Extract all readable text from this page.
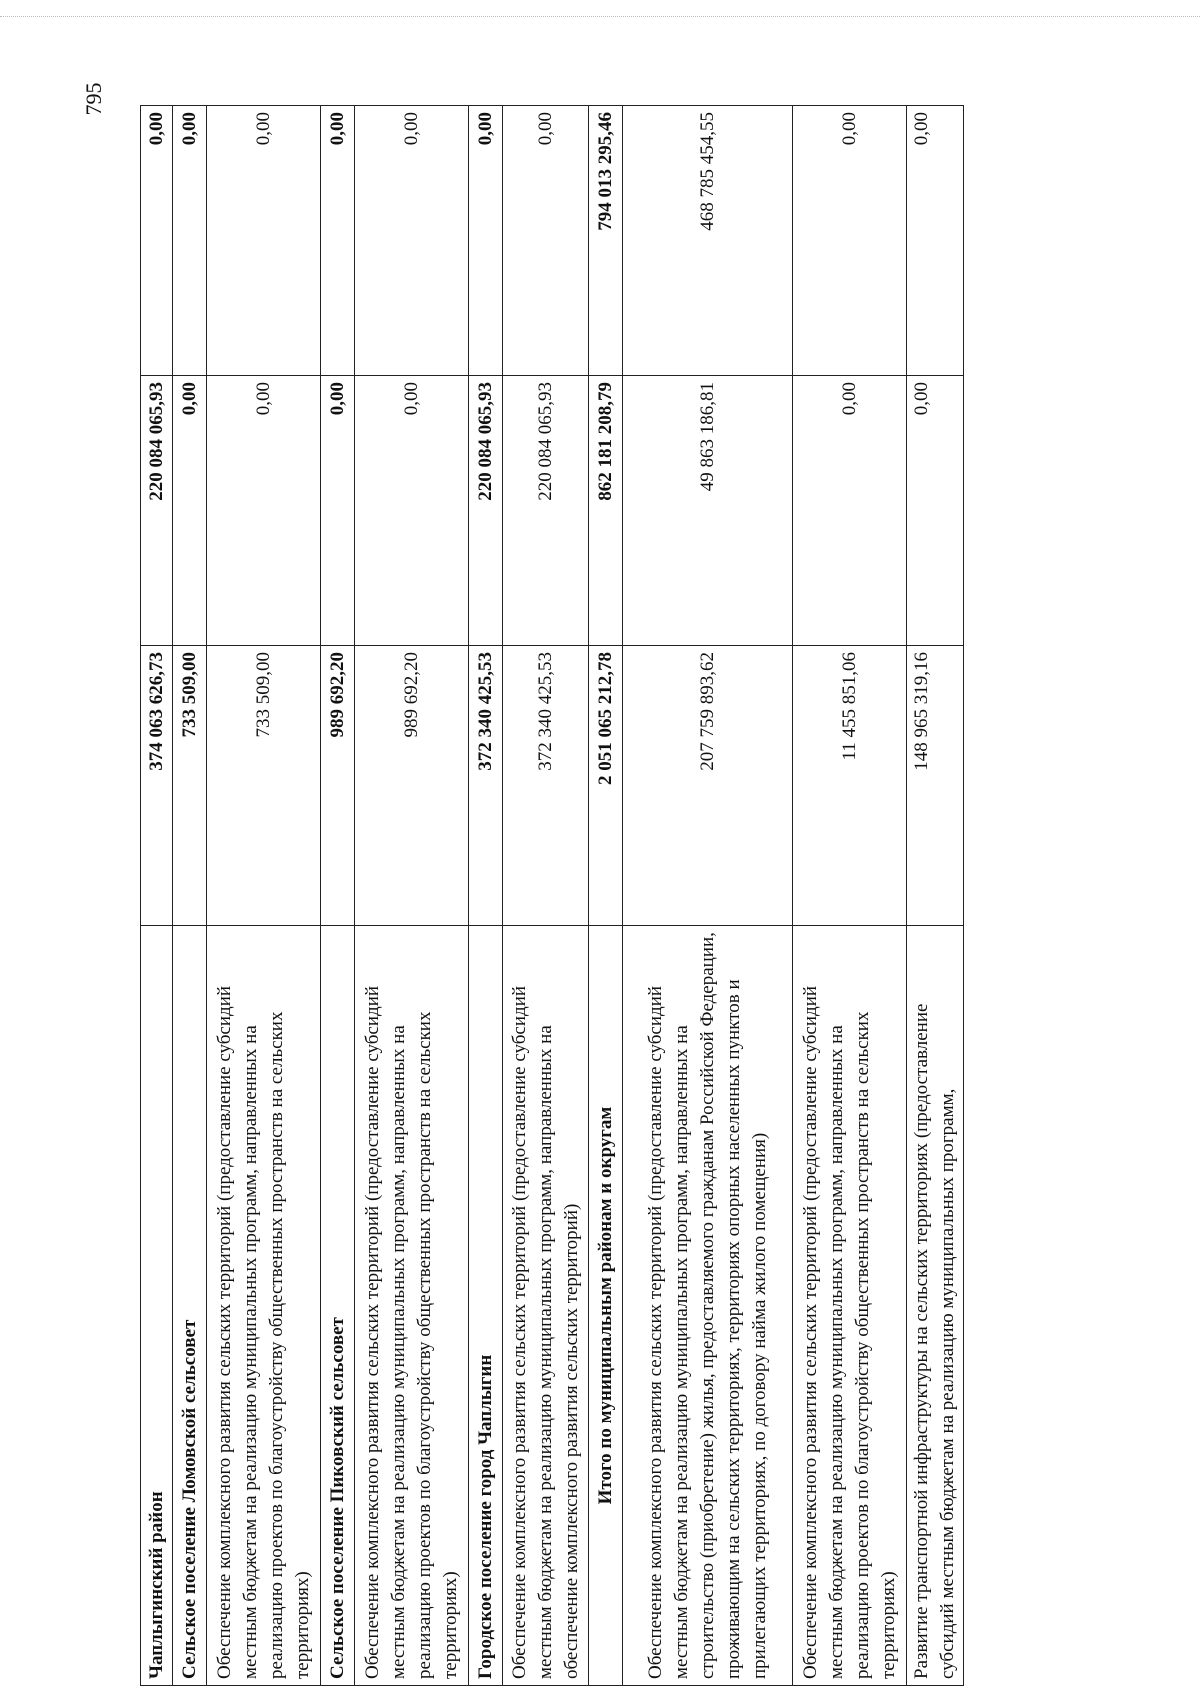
795
Чаплыгинский район	374 063 626,73	220 084 065,93	0,00
Сельское поселение Ломовской сельсовет	733 509,00	0,00	0,00
Обеспечение комплексного развития сельских территорий (предоставление субсидий местным бюджетам на реализацию муниципальных программ, направленных на реализацию проектов по благоустройству общественных пространств на сельских территориях)	733 509,00	0,00	0,00
Сельское поселение Пиковский сельсовет	989 692,20	0,00	0,00
Обеспечение комплексного развития сельских территорий (предоставление субсидий местным бюджетам на реализацию муниципальных программ, направленных на реализацию проектов по благоустройству общественных пространств на сельских территориях)	989 692,20	0,00	0,00
Городское поселение город Чаплыгин	372 340 425,53	220 084 065,93	0,00
Обеспечение комплексного развития сельских территорий (предоставление субсидий местным бюджетам на реализацию муниципальных программ, направленных на обеспечение комплексного развития сельских территорий)	372 340 425,53	220 084 065,93	0,00
Итого по муниципальным районам и округам	2 051 065 212,78	862 181 208,79	794 013 295,46
Обеспечение комплексного развития сельских территорий (предоставление субсидий местным бюджетам на реализацию муниципальных программ, направленных на строительство (приобретение) жилья, предоставляемого гражданам Российской Федерации, проживающим на сельских территориях, территориях опорных населенных пунктов и прилегающих территориях, по договору найма жилого помещения)	207 759 893,62	49 863 186,81	468 785 454,55
Обеспечение комплексного развития сельских территорий (предоставление субсидий местным бюджетам на реализацию муниципальных программ, направленных на реализацию проектов по благоустройству общественных пространств на сельских территориях)	11 455 851,06	0,00	0,00
Развитие транспортной инфраструктуры на сельских территориях (предоставление субсидий местным бюджетам на реализацию муниципальных программ,	148 965 319,16	0,00	0,00
